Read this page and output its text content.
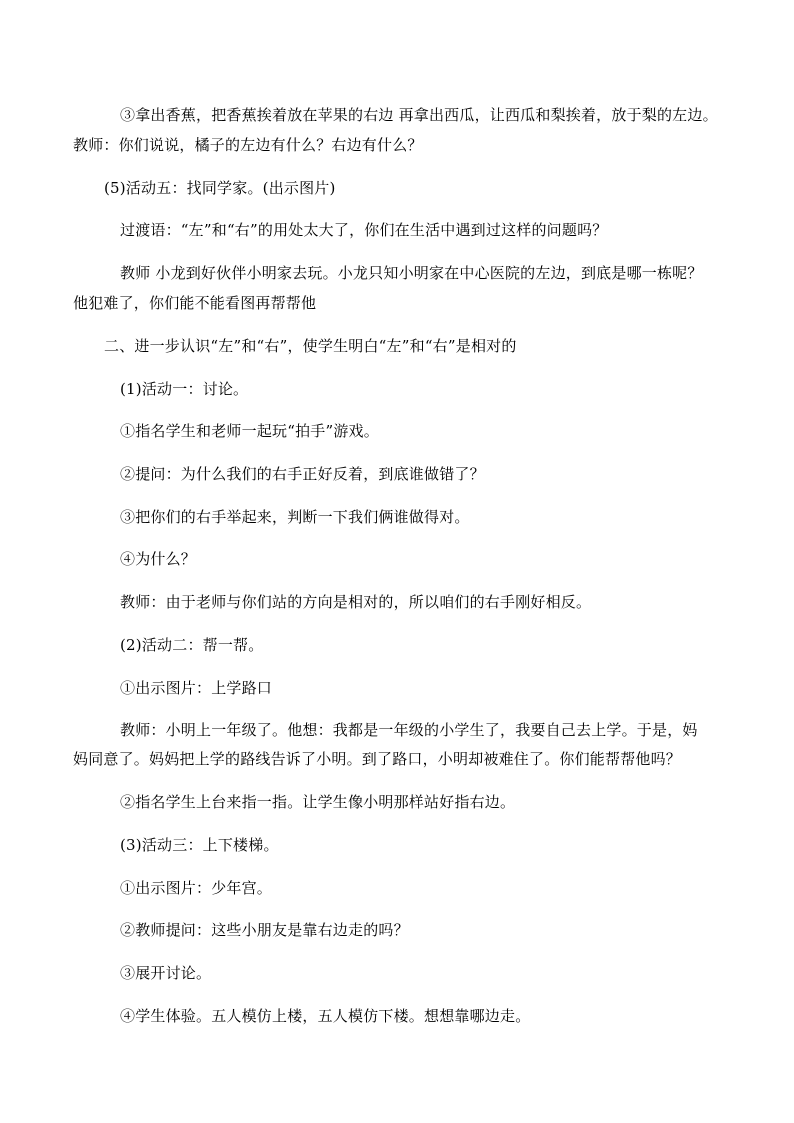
③拿出香蕉，把香蕉挨着放在苹果的右边 再拿出西瓜，让西瓜和梨挨着，放于梨的左边。
教师：你们说说，橘子的左边有什么？右边有什么？
(5)活动五：找同学家。(出示图片)
过渡语：“左”和“右”的用处太大了，你们在生活中遇到过这样的问题吗？
教师 小龙到好伙伴小明家去玩。小龙只知小明家在中心医院的左边，到底是哪一栋呢？
他犯难了，你们能不能看图再帮帮他
二、进一步认识“左”和“右”，使学生明白“左”和“右”是相对的
(1)活动一：讨论。
①指名学生和老师一起玩“拍手”游戏。
②提问：为什么我们的右手正好反着，到底谁做错了？
③把你们的右手举起来，判断一下我们俩谁做得对。
④为什么？
教师：由于老师与你们站的方向是相对的，所以咱们的右手刚好相反。
(2)活动二：帮一帮。
①出示图片：上学路口
教师：小明上一年级了。他想：我都是一年级的小学生了，我要自己去上学。于是，妈
妈同意了。妈妈把上学的路线告诉了小明。到了路口，小明却被难住了。你们能帮帮他吗？
②指名学生上台来指一指。让学生像小明那样站好指右边。
(3)活动三：上下楼梯。
①出示图片：少年宫。
②教师提问：这些小朋友是靠右边走的吗？
③展开讨论。
④学生体验。五人模仿上楼，五人模仿下楼。想想靠哪边走。
